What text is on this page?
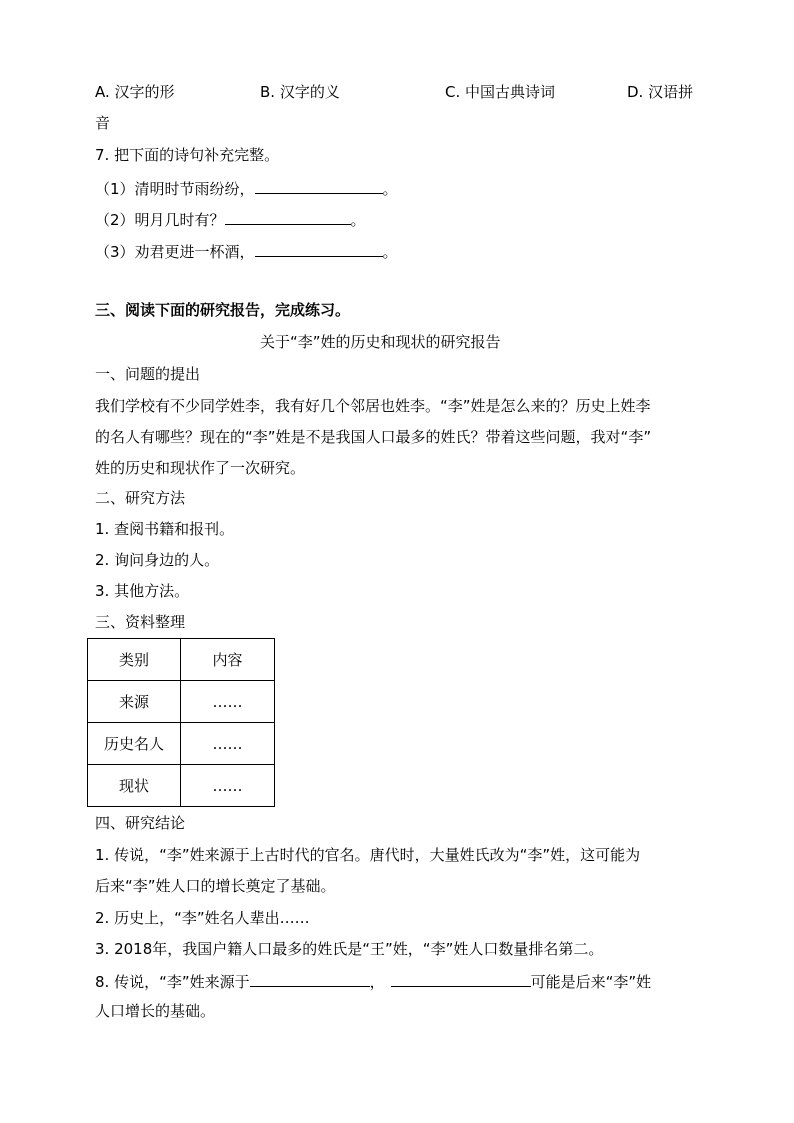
A. 汉字的形	B. 汉字的义	C. 中国古典诗词	D. 汉语拼
音
7. 把下面的诗句补充完整。
（1）清明时节雨纷纷，	。
（2）明月几时有？	。
（3）劝君更进一杯酒，	。
三、阅读下面的研究报告，完成练习。
关于“李”姓的历史和现状的研究报告
一、问题的提出
我们学校有不少同学姓李，我有好几个邻居也姓李。“李”姓是怎么来的？历史上姓李
的名人有哪些？现在的“李”姓是不是我国人口最多的姓氏？带着这些问题，我对“李”
姓的历史和现状作了一次研究。
二、研究方法
1. 查阅书籍和报刊。
2. 询问身边的人。
3. 其他方法。
三、资料整理
类别	内容
来源	……
历史名人	……
现状	……
四、研究结论
1. 传说，“李”姓来源于上古时代的官名。唐代时，大量姓氏改为“李”姓，这可能为
后来“李”姓人口的增长奠定了基础。
2. 历史上，“李”姓名人辈出……
3. 2018年，我国户籍人口最多的姓氏是“王”姓，“李”姓人口数量排名第二。
8. 传说，“李”姓来源于	，	可能是后来“李”姓
人口增长的基础。
